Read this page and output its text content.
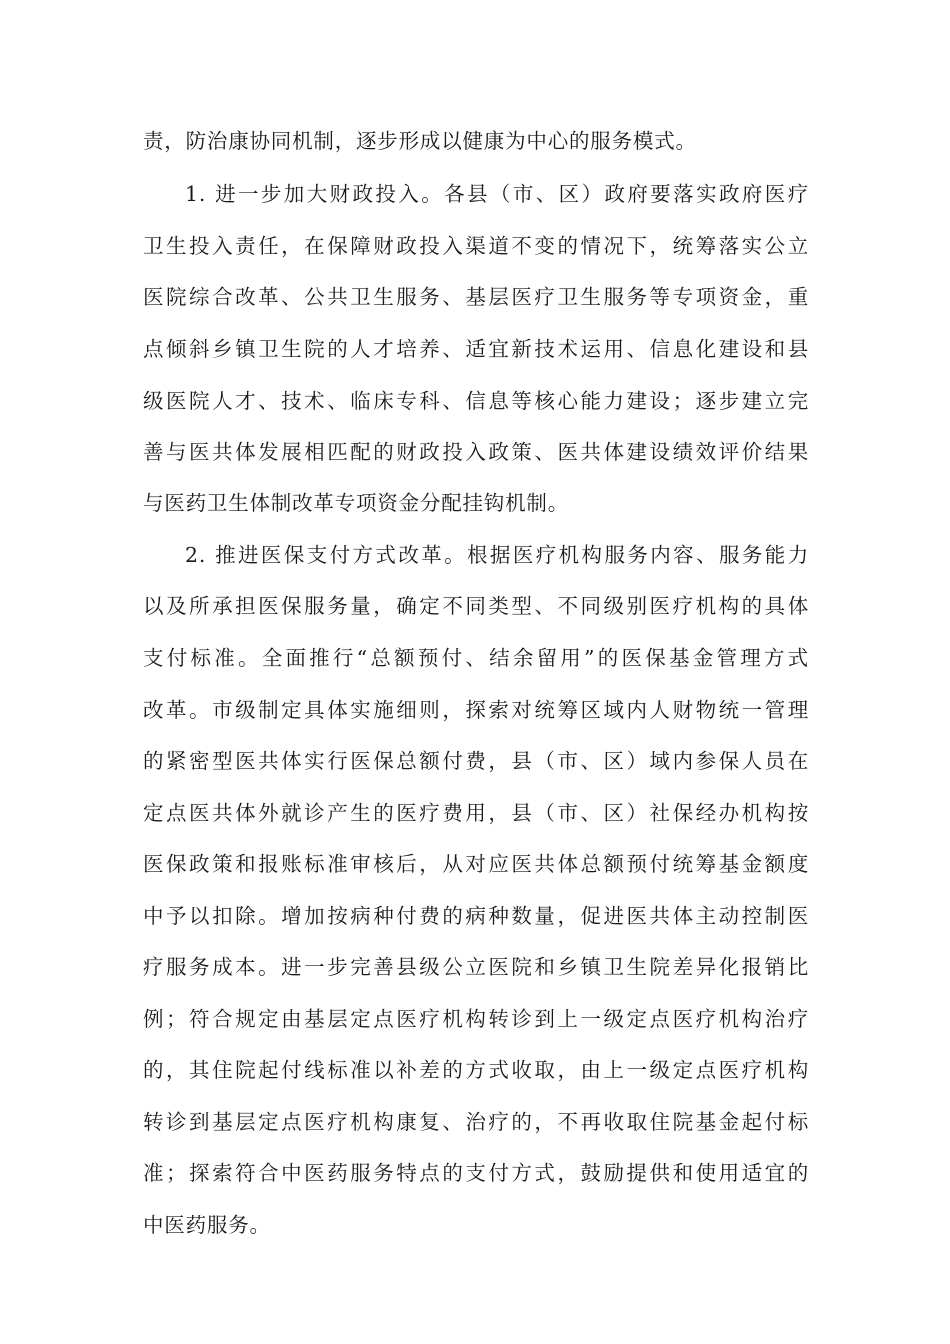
责，防治康协同机制，逐步形成以健康为中心的服务模式。
1. 进一步加大财政投入。各县（市、区）政府要落实政府医疗
卫生投入责任，在保障财政投入渠道不变的情况下，统筹落实公立
医院综合改革、公共卫生服务、基层医疗卫生服务等专项资金，重
点倾斜乡镇卫生院的人才培养、适宜新技术运用、信息化建设和县
级医院人才、技术、临床专科、信息等核心能力建设；逐步建立完
善与医共体发展相匹配的财政投入政策、医共体建设绩效评价结果
与医药卫生体制改革专项资金分配挂钩机制。
2. 推进医保支付方式改革。根据医疗机构服务内容、服务能力
以及所承担医保服务量，确定不同类型、不同级别医疗机构的具体
支付标准。全面推行“总额预付、结余留用”的医保基金管理方式
改革。市级制定具体实施细则，探索对统筹区域内人财物统一管理
的紧密型医共体实行医保总额付费，县（市、区）域内参保人员在
定点医共体外就诊产生的医疗费用，县（市、区）社保经办机构按
医保政策和报账标准审核后，从对应医共体总额预付统筹基金额度
中予以扣除。增加按病种付费的病种数量，促进医共体主动控制医
疗服务成本。进一步完善县级公立医院和乡镇卫生院差异化报销比
例；符合规定由基层定点医疗机构转诊到上一级定点医疗机构治疗
的，其住院起付线标准以补差的方式收取，由上一级定点医疗机构
转诊到基层定点医疗机构康复、治疗的，不再收取住院基金起付标
准；探索符合中医药服务特点的支付方式，鼓励提供和使用适宜的
中医药服务。
